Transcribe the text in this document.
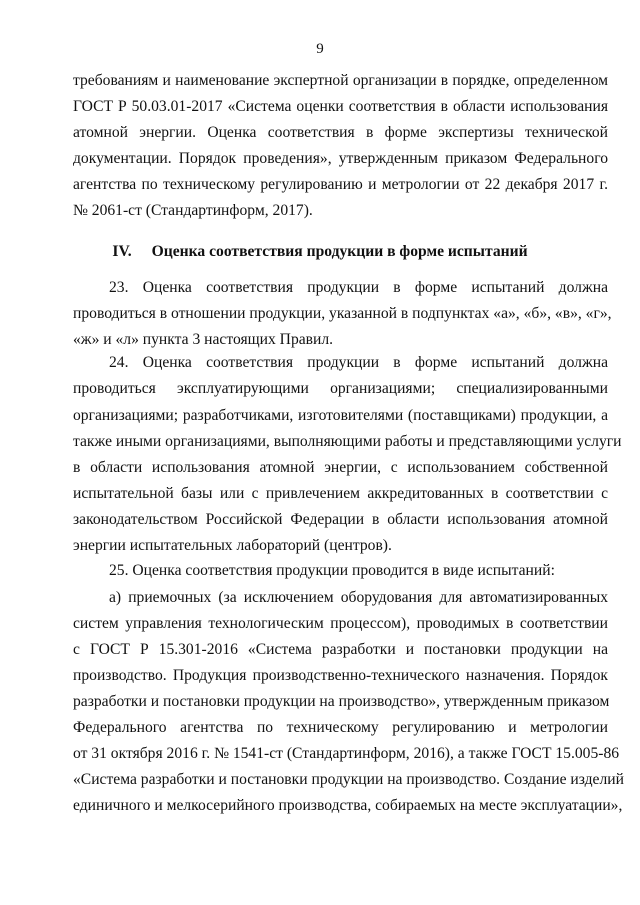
9
требованиям и наименование экспертной организации в порядке, определенном
ГОСТ Р 50.03.01-2017 «Система оценки соответствия в области использования
атомной энергии. Оценка соответствия в форме экспертизы технической
документации. Порядок проведения», утвержденным приказом Федерального
агентства по техническому регулированию и метрологии от 22 декабря 2017 г.
№ 2061-ст (Стандартинформ, 2017).
IV. Оценка соответствия продукции в форме испытаний
23. Оценка соответствия продукции в форме испытаний должна
проводиться в отношении продукции, указанной в подпунктах «а», «б», «в», «г»,
«ж» и «л» пункта 3 настоящих Правил.
24. Оценка соответствия продукции в форме испытаний должна
проводиться эксплуатирующими организациями; специализированными
организациями; разработчиками, изготовителями (поставщиками) продукции, а
также иными организациями, выполняющими работы и представляющими услуги
в области использования атомной энергии, с использованием собственной
испытательной базы или с привлечением аккредитованных в соответствии с
законодательством Российской Федерации в области использования атомной
энергии испытательных лабораторий (центров).
25. Оценка соответствия продукции проводится в виде испытаний:
а) приемочных (за исключением оборудования для автоматизированных
систем управления технологическим процессом), проводимых в соответствии
с ГОСТ Р 15.301-2016 «Система разработки и постановки продукции на
производство. Продукция производственно-технического назначения. Порядок
разработки и постановки продукции на производство», утвержденным приказом
Федерального агентства по техническому регулированию и метрологии
от 31 октября 2016 г. № 1541-ст (Стандартинформ, 2016), а также ГОСТ 15.005-86
«Система разработки и постановки продукции на производство. Создание изделий
единичного и мелкосерийного производства, собираемых на месте эксплуатации»,
